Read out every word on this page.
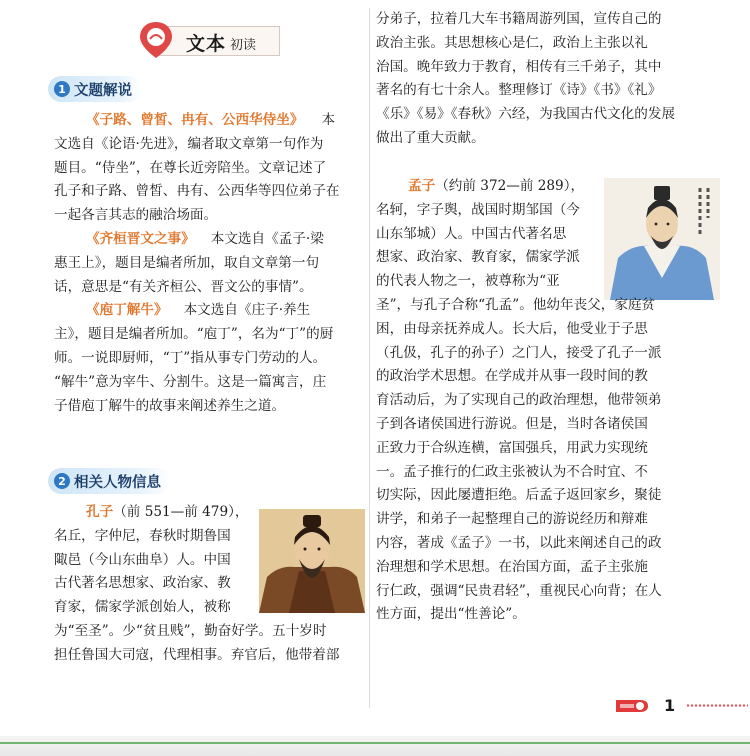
文本 初读
1 文题解说
《子路、曾皙、冉有、公西华侍坐》 本
文选自《论语·先进》，编者取文章第一句作为
题目。“侍坐”，在尊长近旁陪坐。文章记述了
孔子和子路、曾皙、冉有、公西华等四位弟子在
一起各言其志的融洽场面。
《齐桓晋文之事》 本文选自《孟子·梁
惠王上》，题目是编者所加，取自文章第一句
话，意思是“有关齐桓公、晋文公的事情”。
《庖丁解牛》 本文选自《庄子·养生
主》，题目是编者所加。“庖丁”，名为“丁”的厨
师。一说即厨师，“丁”指从事专门劳动的人。
“解牛”意为宰牛、分割牛。这是一篇寓言，庄
子借庖丁解牛的故事来阐述养生之道。
2 相关人物信息
孔子（前 551—前 479），
名丘，字仲尼，春秋时期鲁国
陬邑（今山东曲阜）人。中国
古代著名思想家、政治家、教
育家，儒家学派创始人，被称
为“至圣”。少“贫且贱”，勤奋好学。五十岁时
担任鲁国大司寇，代理相事。弃官后，他带着部
分弟子，拉着几大车书籍周游列国，宣传自己的
政治主张。其思想核心是仁，政治上主张以礼
治国。晚年致力于教育，相传有三千弟子，其中
著名的有七十余人。整理修订《诗》《书》《礼》
《乐》《易》《春秋》六经，为我国古代文化的发展
做出了重大贡献。
孟子（约前 372—前 289），
名轲，字子舆，战国时期邹国（今
山东邹城）人。中国古代著名思
想家、政治家、教育家，儒家学派
的代表人物之一，被尊称为“亚
圣”，与孔子合称“孔孟”。他幼年丧父，家庭贫
困，由母亲抚养成人。长大后，他受业于子思
（孔伋，孔子的孙子）之门人，接受了孔子一派
的政治学术思想。在学成并从事一段时间的教
育活动后，为了实现自己的政治理想，他带领弟
子到各诸侯国进行游说。但是，当时各诸侯国
正致力于合纵连横，富国强兵，用武力实现统
一。孟子推行的仁政主张被认为不合时宜、不
切实际，因此屡遭拒绝。后孟子返回家乡，聚徒
讲学，和弟子一起整理自己的游说经历和辩难
内容，著成《孟子》一书，以此来阐述自己的政
治理想和学术思想。在治国方面，孟子主张施
行仁政，强调“民贵君轻”，重视民心向背；在人
性方面，提出“性善论”。
1
